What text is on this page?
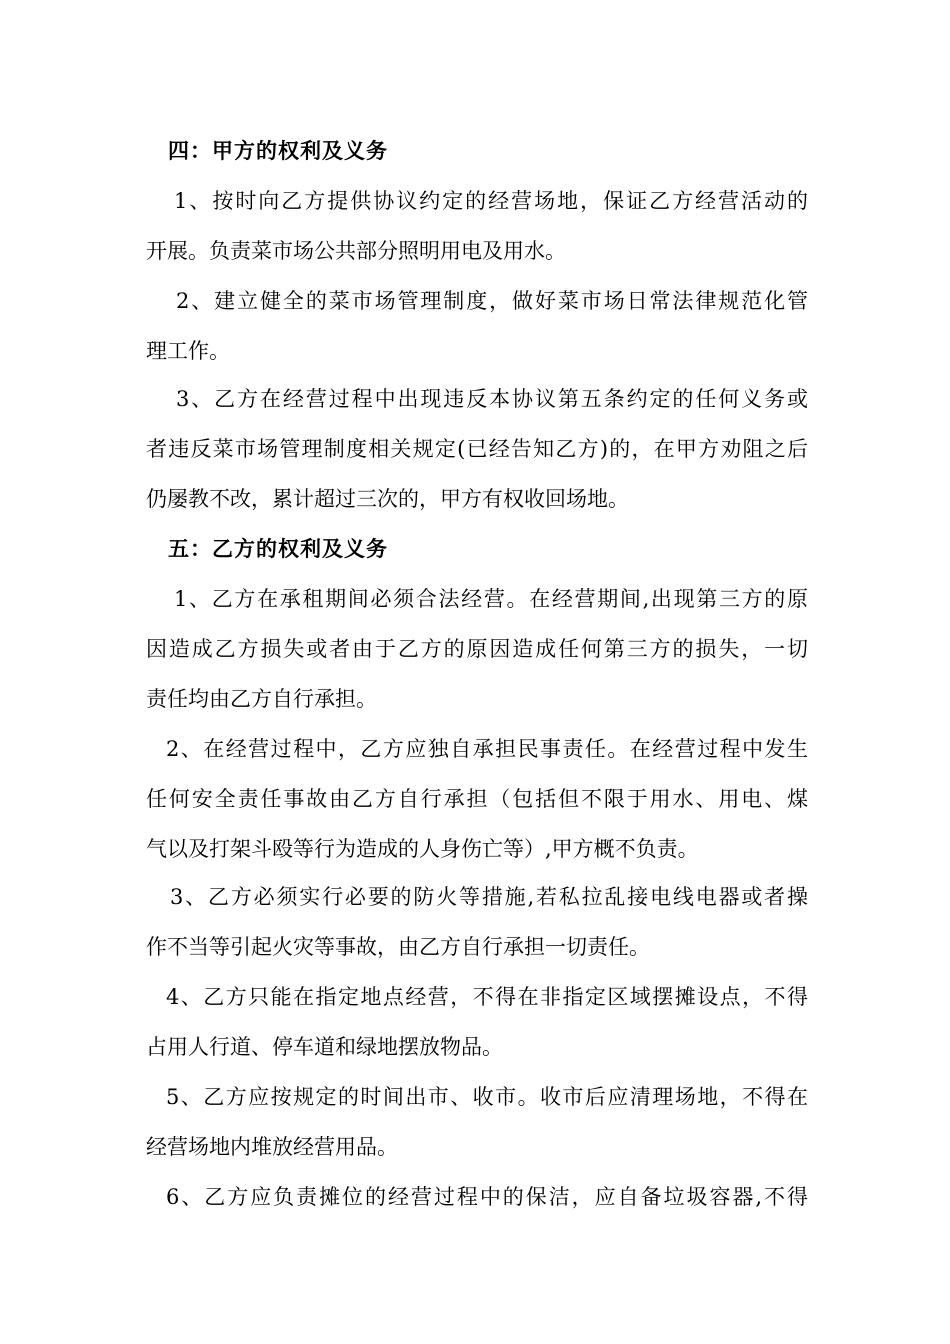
四：甲方的权利及义务
1、按时向乙方提供协议约定的经营场地，保证乙方经营活动的
开展。负责菜市场公共部分照明用电及用水。
2、建立健全的菜市场管理制度，做好菜市场日常法律规范化管
理工作。
3、乙方在经营过程中出现违反本协议第五条约定的任何义务或
者违反菜市场管理制度相关规定(已经告知乙方)的，在甲方劝阻之后
仍屡教不改，累计超过三次的，甲方有权收回场地。
五：乙方的权利及义务
1、乙方在承租期间必须合法经营。在经营期间,出现第三方的原
因造成乙方损失或者由于乙方的原因造成任何第三方的损失，一切
责任均由乙方自行承担。
2、在经营过程中，乙方应独自承担民事责任。在经营过程中发生
任何安全责任事故由乙方自行承担（包括但不限于用水、用电、煤
气以及打架斗殴等行为造成的人身伤亡等）,甲方概不负责。
3、乙方必须实行必要的防火等措施,若私拉乱接电线电器或者操
作不当等引起火灾等事故，由乙方自行承担一切责任。
4、乙方只能在指定地点经营，不得在非指定区域摆摊设点，不得
占用人行道、停车道和绿地摆放物品。
5、乙方应按规定的时间出市、收市。收市后应清理场地，不得在
经营场地内堆放经营用品。
6、乙方应负责摊位的经营过程中的保洁，应自备垃圾容器,不得
